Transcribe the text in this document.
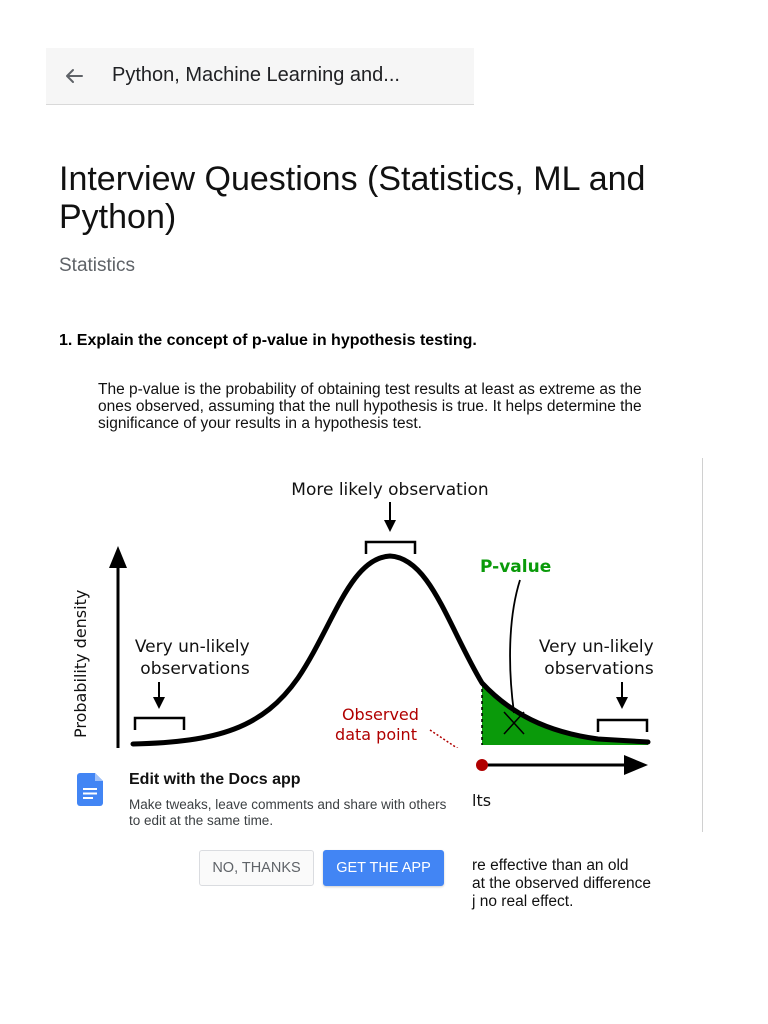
Python, Machine Learning and...
Interview Questions (Statistics, ML and Python)
Statistics
1. Explain the concept of p-value in hypothesis testing.

The p-value is the probability of obtaining test results at least as extreme as the ones observed, assuming that the null hypothesis is true. It helps determine the significance of your results in a hypothesis test.

Probability density
lts
More likely observation
Very un-likely observations
Very un-likely observations
P-value
Observed data point

re effective than an old
at the observed difference
j no real effect.

Edit with the Docs app

Make tweaks, leave comments and share with others to edit at the same time.

NO, THANKS	GET THE APP
